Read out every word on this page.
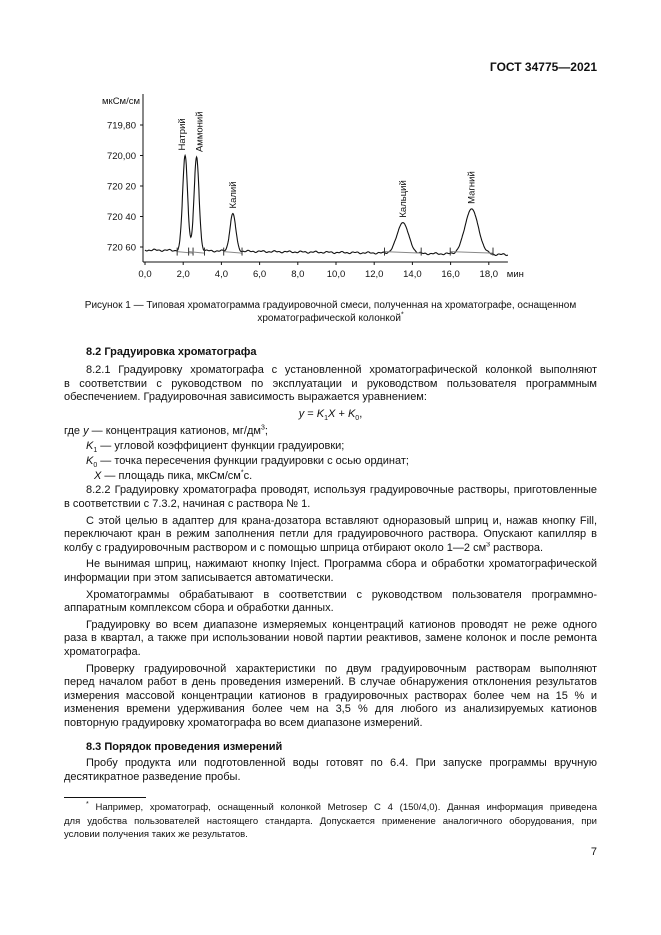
ГОСТ 34775—2021
мкСм/см
719,80
720,00
720 20
720 40
720 60
0,0	2,0	4,0	6,0	8,0 10,0 12,0 14,0 16,0 18,0 мин
Натрий Аммоний
Калий	Кальций	Магний
Рисунок 1 — Типовая хроматограмма градуировочной смеси, полученная на хроматографе, оснащенном
хроматографической колонкой*
8.2 Градуировка хроматографа
8.2.1 Градуировку хроматографа с установленной хроматографической колонкой выполняют
в соответствии с руководством по эксплуатации и руководством пользователя программным
обеспечением. Градуировочная зависимость выражается уравнением:
$y = K_1X + K_0$,
где y — концентрация катионов, $мг/дм^3$;
$K_1$ — угловой коэффициент функции градуировки;
$K_0$ — точка пересечения функции градуировки с осью ординат;
X — площадь пика, мкСм/см*с.
8.2.2 Градуировку хроматографа проводят, используя градуировочные растворы, приготовленные
в соответствии с 7.3.2, начиная с раствора № 1.
С этой целью в адаптер для крана-дозатора вставляют одноразовый шприц и, нажав кнопку Fill,
переключают кран в режим заполнения петли для градуировочного раствора. Опускают капилляр в
колбу с градуировочным раствором и с помощью шприца отбирают около 1—2 $см^3$ раствора.
Не вынимая шприц, нажимают кнопку Inject. Программа сбора и обработки хроматографической
информации при этом записывается автоматически.
Хроматограммы обрабатывают в соответствии с руководством пользователя программно-
аппаратным комплексом сбора и обработки данных.
Градуировку во всем диапазоне измеряемых концентраций катионов проводят не реже одного
раза в квартал, а также при использовании новой партии реактивов, замене колонок и после ремонта
хроматографа.
Проверку градуировочной характеристики по двум градуировочным растворам выполняют
перед началом работ в день проведения измерений. В случае обнаружения отклонения результатов
измерения массовой концентрации катионов в градуировочных растворах более чем на 15 % и
изменения времени удерживания более чем на 3,5 % для любого из анализируемых катионов
повторную градуировку хроматографа во всем диапазоне измерений.
8.3 Порядок проведения измерений
Пробу продукта или подготовленной воды готовят по 6.4. При запуске программы вручную
десятикратное разведение пробы.
* Например, хроматограф, оснащенный колонкой Metrosep C 4 (150/4,0). Данная информация приведена
для удобства пользователей настоящего стандарта. Допускается применение аналогичного оборудования, при
условии получения таких же результатов.
7
